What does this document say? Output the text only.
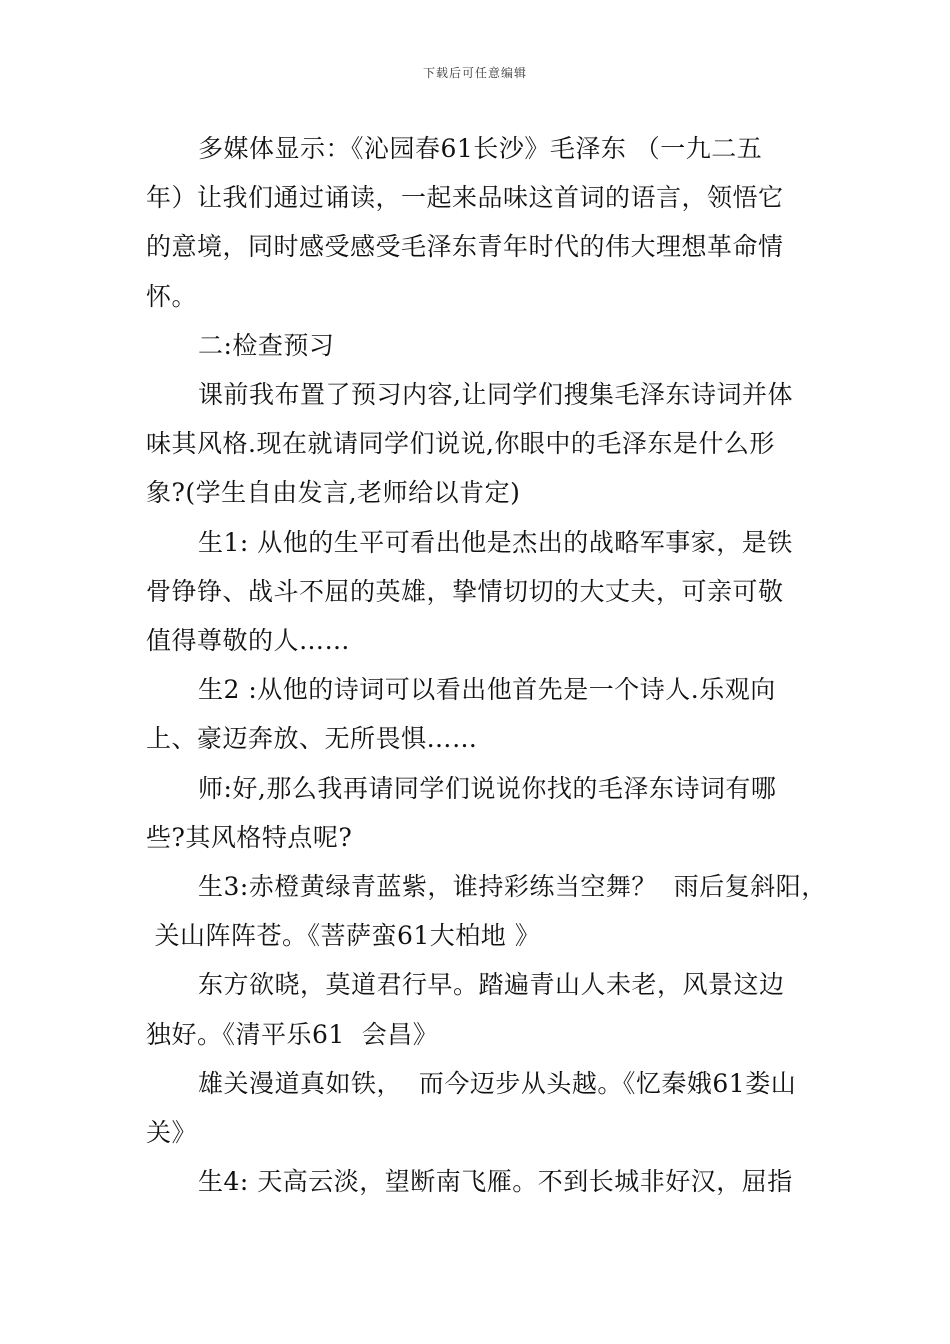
下载后可任意编辑
多媒体显示：《沁园春61长沙》毛泽东 （一九二五
年）让我们通过诵读，一起来品味这首词的语言，领悟它
的意境，同时感受感受毛泽东青年时代的伟大理想革命情
怀。
二:检查预习
课前我布置了预习内容,让同学们搜集毛泽东诗词并体
味其风格.现在就请同学们说说,你眼中的毛泽东是什么形
象?(学生自由发言,老师给以肯定)
生1: 从他的生平可看出他是杰出的战略军事家，是铁
骨铮铮、战斗不屈的英雄，挚情切切的大丈夫，可亲可敬
值得尊敬的人……
生2 :从他的诗词可以看出他首先是一个诗人.乐观向
上、豪迈奔放、无所畏惧……
师:好,那么我再请同学们说说你找的毛泽东诗词有哪
些?其风格特点呢?
生3:赤橙黄绿青蓝紫，谁持彩练当空舞？  雨后复斜阳，
关山阵阵苍。《菩萨蛮61大柏地 》
东方欲晓，莫道君行早。踏遍青山人未老，风景这边
独好。《清平乐61  会昌》
雄关漫道真如铁，  而今迈步从头越。《忆秦娥61娄山
关》
生4: 天高云淡，望断南飞雁。不到长城非好汉，屈指
